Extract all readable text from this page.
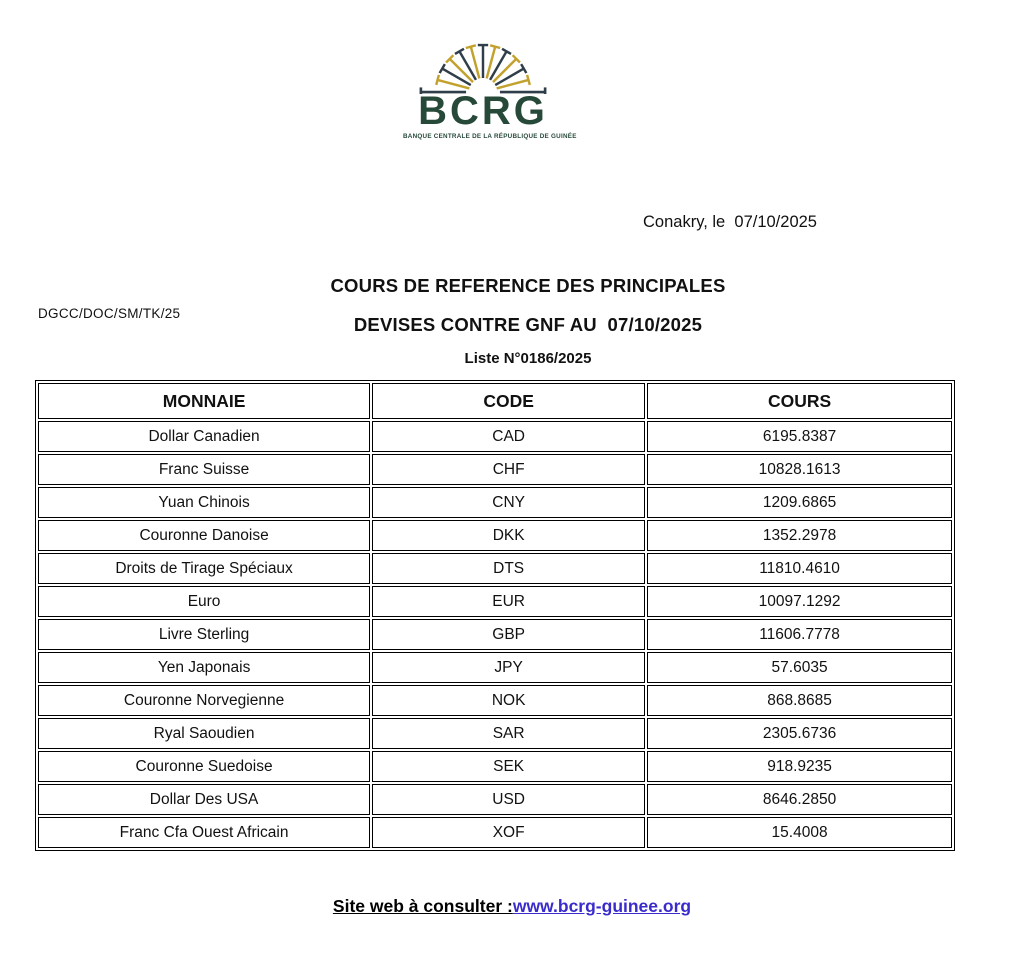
BCRG
BANQUE CENTRALE DE LA RÉPUBLIQUE DE GUINÉE
Conakry, le  07/10/2025
DGCC/DOC/SM/TK/25
COURS DE REFERENCE DES PRINCIPALES
DEVISES CONTRE GNF AU  07/10/2025
Liste N°0186/2025
MONNAIE	CODE	COURS
Dollar Canadien	CAD	6195.8387
Franc Suisse	CHF	10828.1613
Yuan Chinois	CNY	1209.6865
Couronne Danoise	DKK	1352.2978
Droits de Tirage Spéciaux	DTS	11810.4610
Euro	EUR	10097.1292
Livre Sterling	GBP	11606.7778
Yen Japonais	JPY	57.6035
Couronne Norvegienne	NOK	868.8685
Ryal Saoudien	SAR	2305.6736
Couronne Suedoise	SEK	918.9235
Dollar Des USA	USD	8646.2850
Franc Cfa Ouest Africain	XOF	15.4008
Site web à consulter :www.bcrg-guinee.org
